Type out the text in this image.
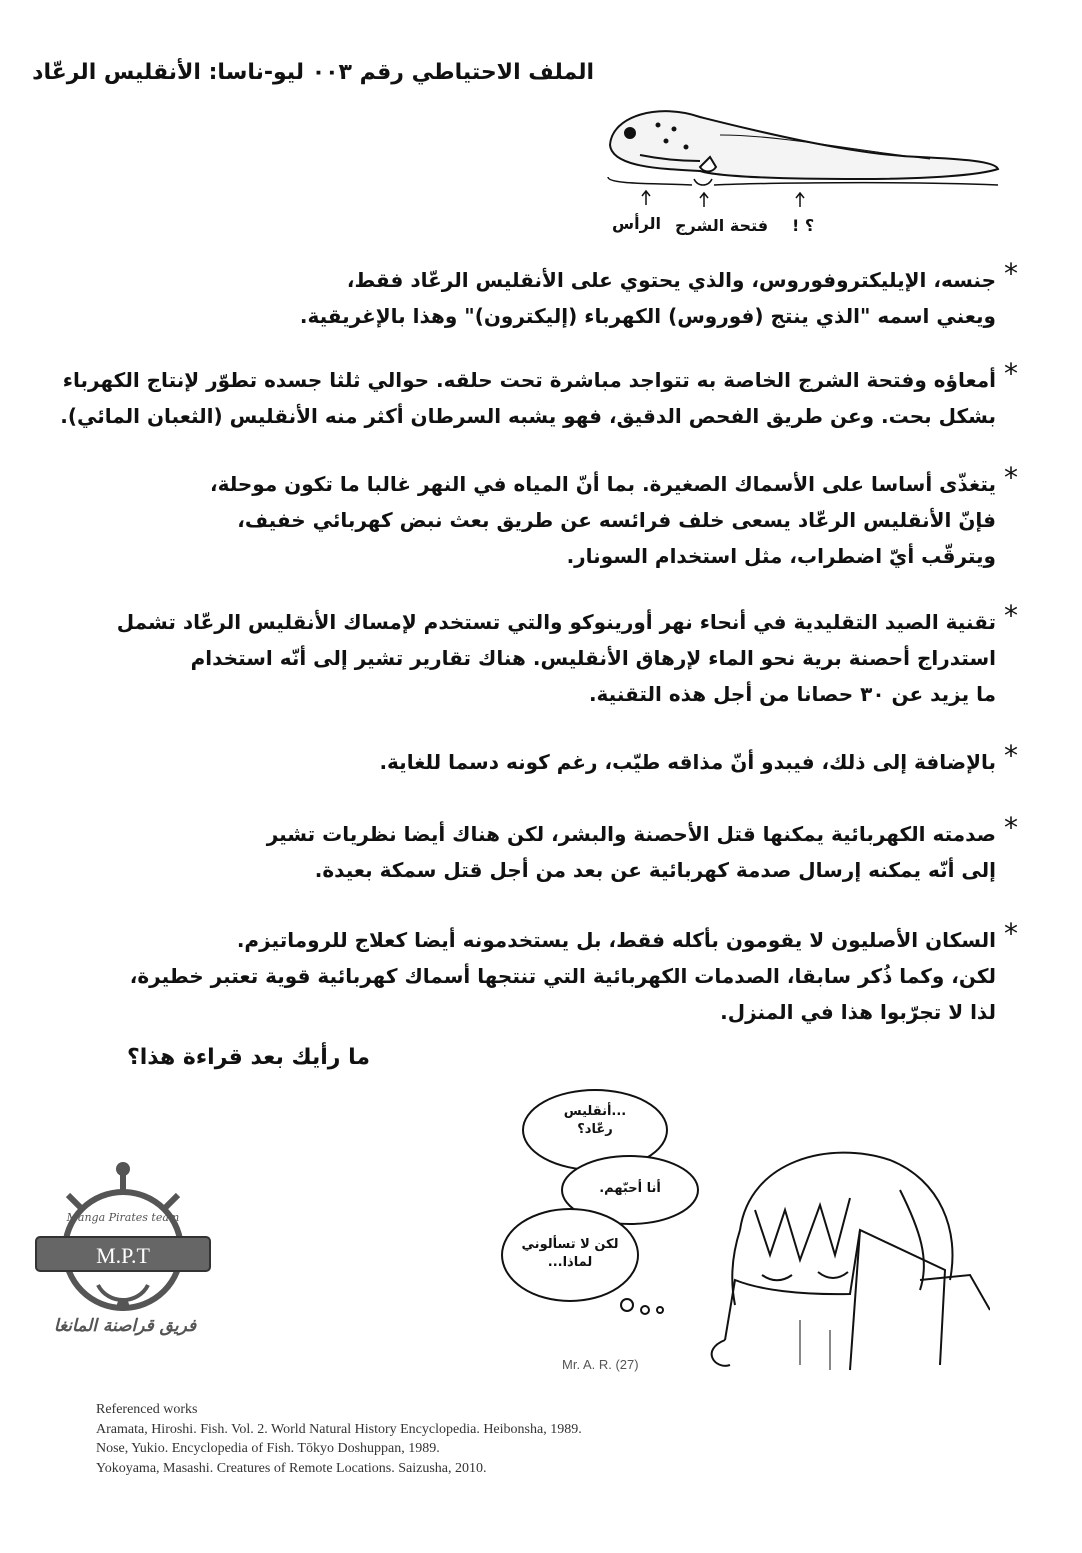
الملف الاحتياطي رقم ٠٠٣ ليو-ناسا: الأنقليس الرعّاد
الرأس فتحة الشرج ؟ !
*
جنسه، الإيليكتروفوروس، والذي يحتوي على الأنقليس الرعّاد فقط،
ويعني اسمه "الذي ينتج (فوروس) الكهرباء (إليكترون)" وهذا بالإغريقية.
*
أمعاؤه وفتحة الشرج الخاصة به تتواجد مباشرة تحت حلقه. حوالي ثلثا جسده تطوّر لإنتاج الكهرباء
بشكل بحت. وعن طريق الفحص الدقيق، فهو يشبه السرطان أكثر منه الأنقليس (الثعبان المائي).
*
يتغذّى أساسا على الأسماك الصغيرة. بما أنّ المياه في النهر غالبا ما تكون موحلة،
فإنّ الأنقليس الرعّاد يسعى خلف فرائسه عن طريق بعث نبض كهربائي خفيف،
ويترقّب أيّ اضطراب، مثل استخدام السونار.
*
تقنية الصيد التقليدية في أنحاء نهر أورينوكو والتي تستخدم لإمساك الأنقليس الرعّاد تشمل
استدراج أحصنة برية نحو الماء لإرهاق الأنقليس. هناك تقارير تشير إلى أنّه استخدام
ما يزيد عن ٣٠ حصانا من أجل هذه التقنية.
*
بالإضافة إلى ذلك، فيبدو أنّ مذاقه طيّب، رغم كونه دسما للغاية.
*
صدمته الكهربائية يمكنها قتل الأحصنة والبشر، لكن هناك أيضا نظريات تشير
إلى أنّه يمكنه إرسال صدمة كهربائية عن بعد من أجل قتل سمكة بعيدة.
*
السكان الأصليون لا يقومون بأكله فقط، بل يستخدمونه أيضا كعلاج للروماتيزم.
لكن، وكما ذُكر سابقا، الصدمات الكهربائية التي تنتجها أسماك كهربائية قوية تعتبر خطيرة،
لذا لا تجرّبوا هذا في المنزل.
ما رأيك بعد قراءة هذا؟
...أنقليس
رعّاد؟
أنا أحبّهم.
لكن لا تسألوني
لماذا...
Mr. A. R. (27)
Manga Pirates team
M.P.T
فريق قراصنة المانغا
Referenced works
Aramata, Hiroshi. Fish. Vol. 2. World Natural History Encyclopedia. Heibonsha, 1989.
Nose, Yukio. Encyclopedia of Fish. Tōkyo Doshuppan, 1989.
Yokoyama, Masashi. Creatures of Remote Locations. Saizusha, 2010.
